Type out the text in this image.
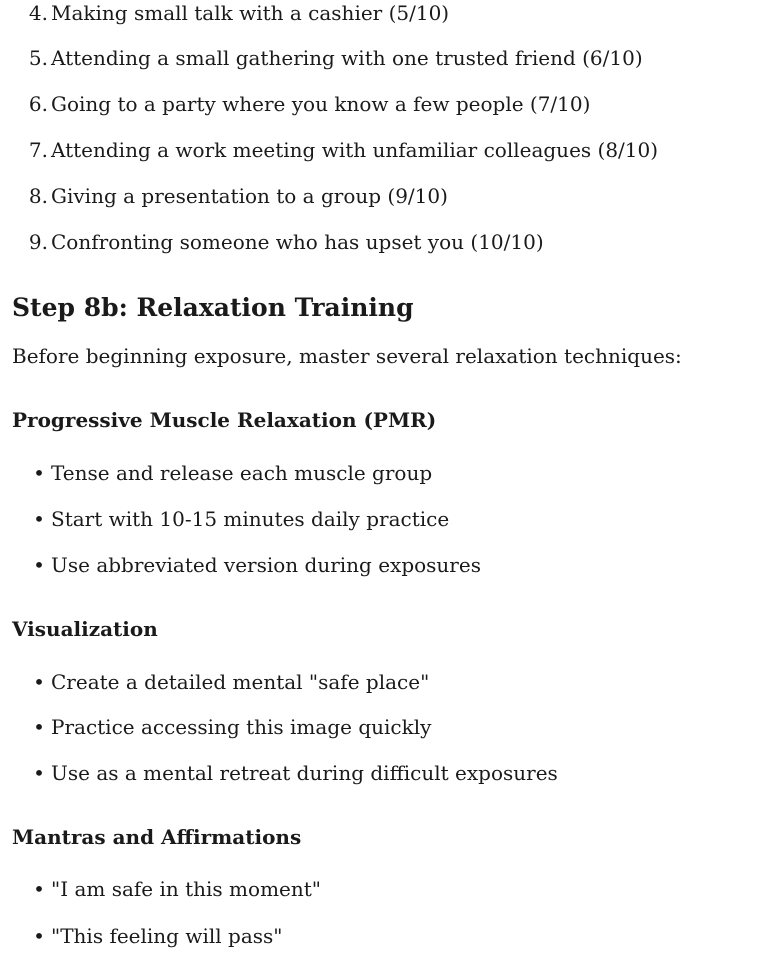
4. Making small talk with a cashier (5/10)
5. Attending a small gathering with one trusted friend (6/10)
6. Going to a party where you know a few people (7/10)
7. Attending a work meeting with unfamiliar colleagues (8/10)
8. Giving a presentation to a group (9/10)
9. Confronting someone who has upset you (10/10)
Step 8b: Relaxation Training
Before beginning exposure, master several relaxation techniques:
Progressive Muscle Relaxation (PMR)
• Tense and release each muscle group
• Start with 10-15 minutes daily practice
• Use abbreviated version during exposures
Visualization
• Create a detailed mental "safe place"
• Practice accessing this image quickly
• Use as a mental retreat during difficult exposures
Mantras and Affirmations
• "I am safe in this moment"
• "This feeling will pass"
